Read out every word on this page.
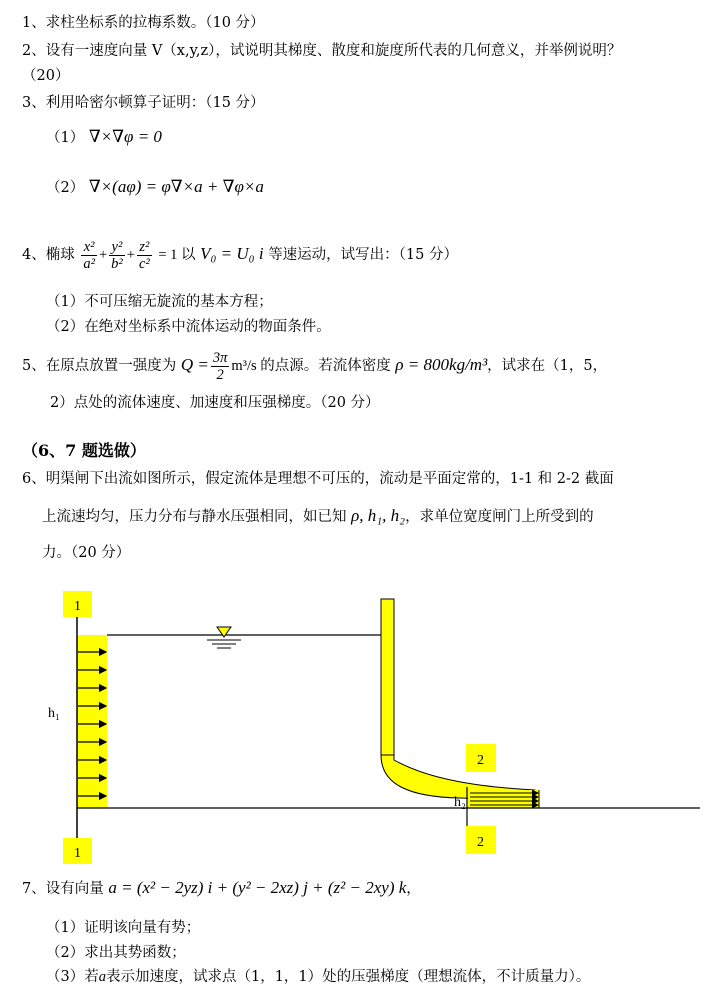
1、求柱坐标系的拉梅系数。（10 分）
2、设有一速度向量 V（x,y,z），试说明其梯度、散度和旋度所代表的几何意义，并举例说明？
（20）
3、利用哈密尔顿算子证明：（15 分）
（1） ∇×∇φ = 0
（2） ∇×(aφ) = φ∇×a + ∇φ×a
4、椭球 $\frac{\text{x²}}{\text{a²}} + \frac{\text{y²}}{\text{b²}} + \frac{\text{z²}}{\text{c²}} = 1$ 以 V₀ = U₀ i 等速运动，试写出：（15 分）
（1）不可压缩无旋流的基本方程；
（2）在绝对坐标系中流体运动的物面条件。
5、在原点放置一强度为 $Q = \frac{3\pi}{2} m^3/s$ 的点源。若流体密度 ρ = 800kg/m³，试求在（1，5，
2）点处的流体速度、加速度和压强梯度。（20 分）
（6、7 题选做）
6、明渠闸下出流如图所示，假定流体是理想不可压的，流动是平面定常的，1-1 和 2-2 截面
上流速均匀，压力分布与静水压强相同，如已知 ρ, h₁, h₂，求单位宽度闸门上所受到的
力。（20 分）
1
1
2
2
h₁
h₂
7、设有向量 a = (x² − 2yz) i + (y² − 2xz) j + (z² − 2xy) k，
（1）证明该向量有势；
（2）求出其势函数；
（3）若a表示加速度，试求点（1，1，1）处的压强梯度（理想流体，不计质量力）。
